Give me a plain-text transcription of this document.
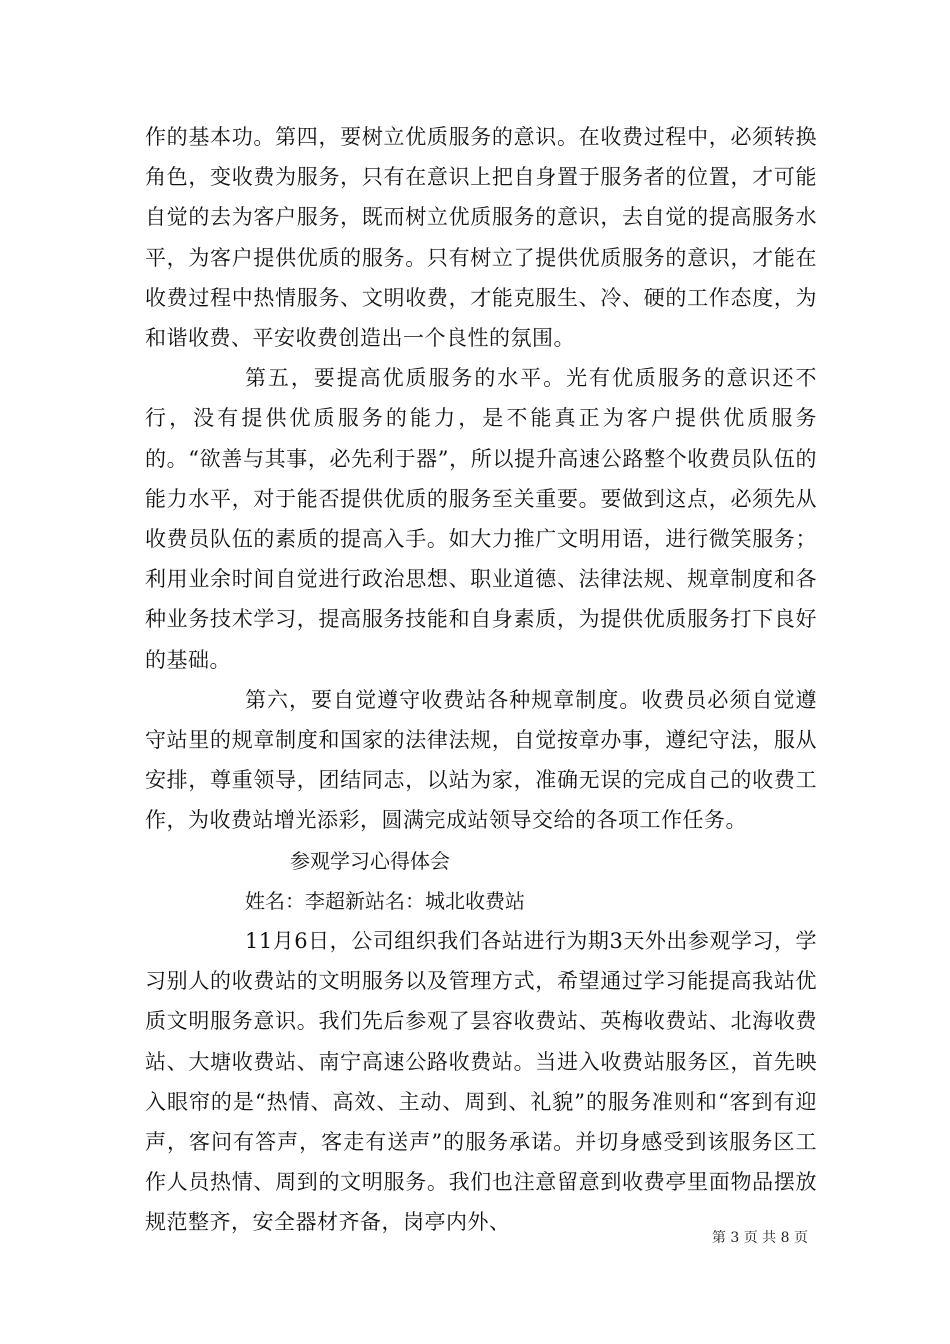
作的基本功。第四，要树立优质服务的意识。在收费过程中，必须转换角色，变收费为服务，只有在意识上把自身置于服务者的位置，才可能自觉的去为客户服务，既而树立优质服务的意识，去自觉的提高服务水平，为客户提供优质的服务。只有树立了提供优质服务的意识，才能在收费过程中热情服务、文明收费，才能克服生、冷、硬的工作态度，为和谐收费、平安收费创造出一个良性的氛围。

第五，要提高优质服务的水平。光有优质服务的意识还不行，没有提供优质服务的能力，是不能真正为客户提供优质服务的。“欲善与其事，必先利于器”，所以提升高速公路整个收费员队伍的能力水平，对于能否提供优质的服务至关重要。要做到这点，必须先从收费员队伍的素质的提高入手。如大力推广文明用语，进行微笑服务；利用业余时间自觉进行政治思想、职业道德、法律法规、规章制度和各种业务技术学习，提高服务技能和自身素质，为提供优质服务打下良好的基础。

第六，要自觉遵守收费站各种规章制度。收费员必须自觉遵守站里的规章制度和国家的法律法规，自觉按章办事，遵纪守法，服从安排，尊重领导，团结同志，以站为家，准确无误的完成自己的收费工作，为收费站增光添彩，圆满完成站领导交给的各项工作任务。

参观学习心得体会

姓名：李超新站名：城北收费站

11月6日，公司组织我们各站进行为期3天外出参观学习，学习别人的收费站的文明服务以及管理方式，希望通过学习能提高我站优质文明服务意识。我们先后参观了昙容收费站、英梅收费站、北海收费站、大塘收费站、南宁高速公路收费站。当进入收费站服务区，首先映入眼帘的是“热情、高效、主动、周到、礼貌”的服务准则和“客到有迎声，客问有答声，客走有送声”的服务承诺。并切身感受到该服务区工作人员热情、周到的文明服务。我们也注意留意到收费亭里面物品摆放规范整齐，安全器材齐备，岗亭内外、

第 3 页 共 8 页
